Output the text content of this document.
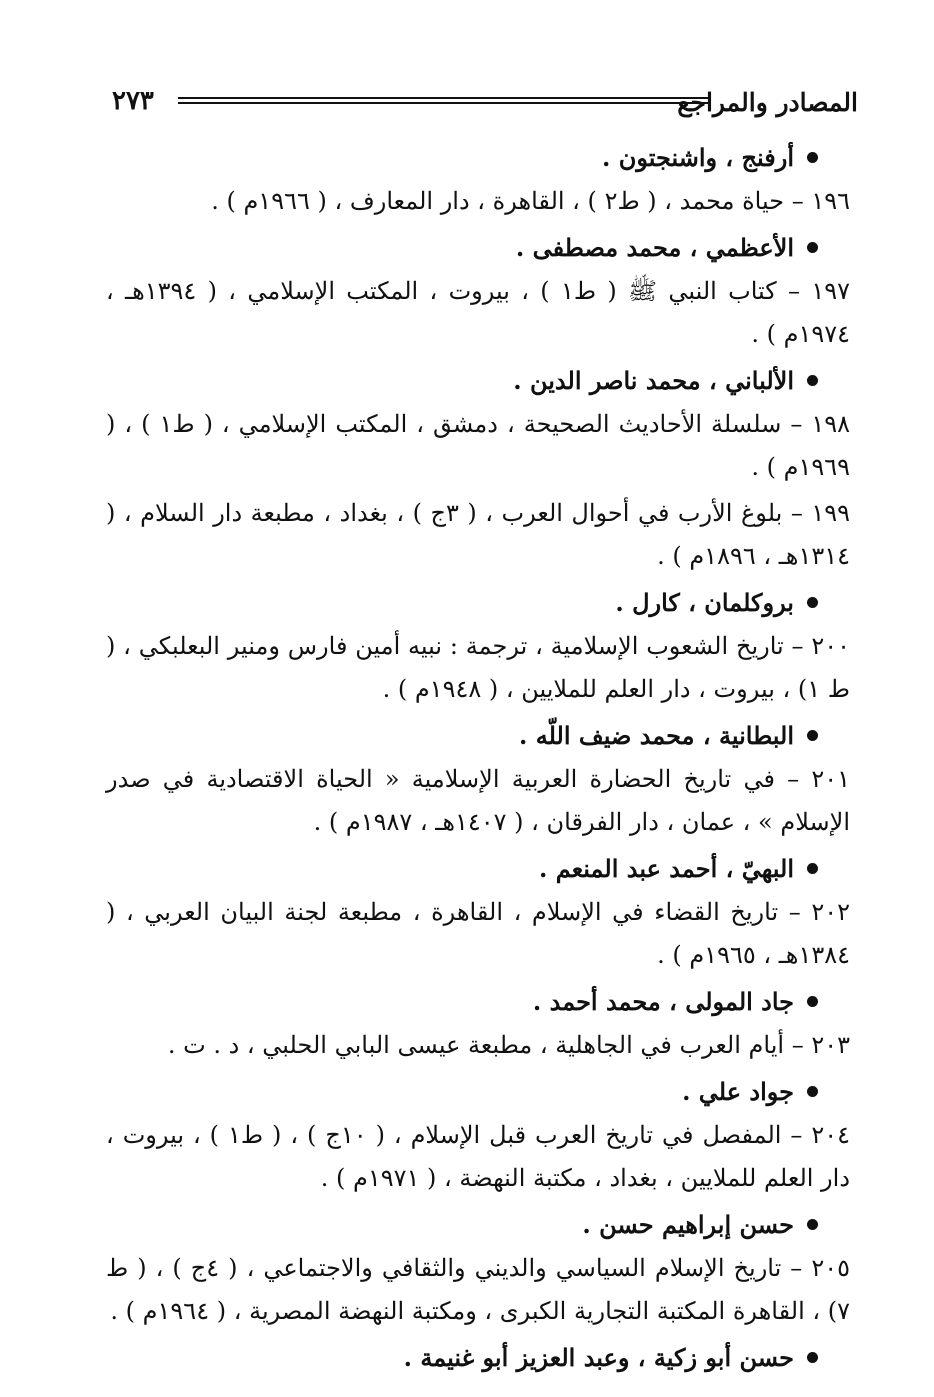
المصادر والمراجع
٢٧٣
أرفنج ، واشنجتون .
١٩٦ – حياة محمد ، ( ط٢ ) ، القاهرة ، دار المعارف ، ( ١٩٦٦م ) .
الأعظمي ، محمد مصطفى .
١٩٧ – كتاب النبي ﷺ ( ط١ ) ، بيروت ، المكتب الإسلامي ، ( ١٣٩٤هـ ، ١٩٧٤م ) .
الألباني ، محمد ناصر الدين .
١٩٨ – سلسلة الأحاديث الصحيحة ، دمشق ، المكتب الإسلامي ، ( ط١ ) ، ( ١٩٦٩م ) .
١٩٩ – بلوغ الأرب في أحوال العرب ، ( ٣ج ) ، بغداد ، مطبعة دار السلام ، ( ١٣١٤هـ ، ١٨٩٦م ) .
بروكلمان ، كارل .
٢٠٠ – تاريخ الشعوب الإسلامية ، ترجمة : نبيه أمين فارس ومنير البعلبكي ، ( ط ١) ، بيروت ، دار العلم للملايين ، ( ١٩٤٨م ) .
البطانية ، محمد ضيف اللّه .
٢٠١ – في تاريخ الحضارة العربية الإسلامية « الحياة الاقتصادية في صدر الإسلام » ، عمان ، دار الفرقان ، ( ١٤٠٧هـ ، ١٩٨٧م ) .
البهيّ ، أحمد عبد المنعم .
٢٠٢ – تاريخ القضاء في الإسلام ، القاهرة ، مطبعة لجنة البيان العربي ، ( ١٣٨٤هـ ، ١٩٦٥م ) .
جاد المولى ، محمد أحمد .
٢٠٣ – أيام العرب في الجاهلية ، مطبعة عيسى البابي الحلبي ، د . ت .
جواد علي .
٢٠٤ – المفصل في تاريخ العرب قبل الإسلام ، ( ١٠ج ) ، ( ط١ ) ، بيروت ، دار العلم للملايين ، بغداد ، مكتبة النهضة ، ( ١٩٧١م ) .
حسن إبراهيم حسن .
٢٠٥ – تاريخ الإسلام السياسي والديني والثقافي والاجتماعي ، ( ٤ج ) ، ( ط ٧) ، القاهرة المكتبة التجارية الكبرى ، ومكتبة النهضة المصرية ، ( ١٩٦٤م ) .
حسن أبو زكية ، وعبد العزيز أبو غنيمة .
